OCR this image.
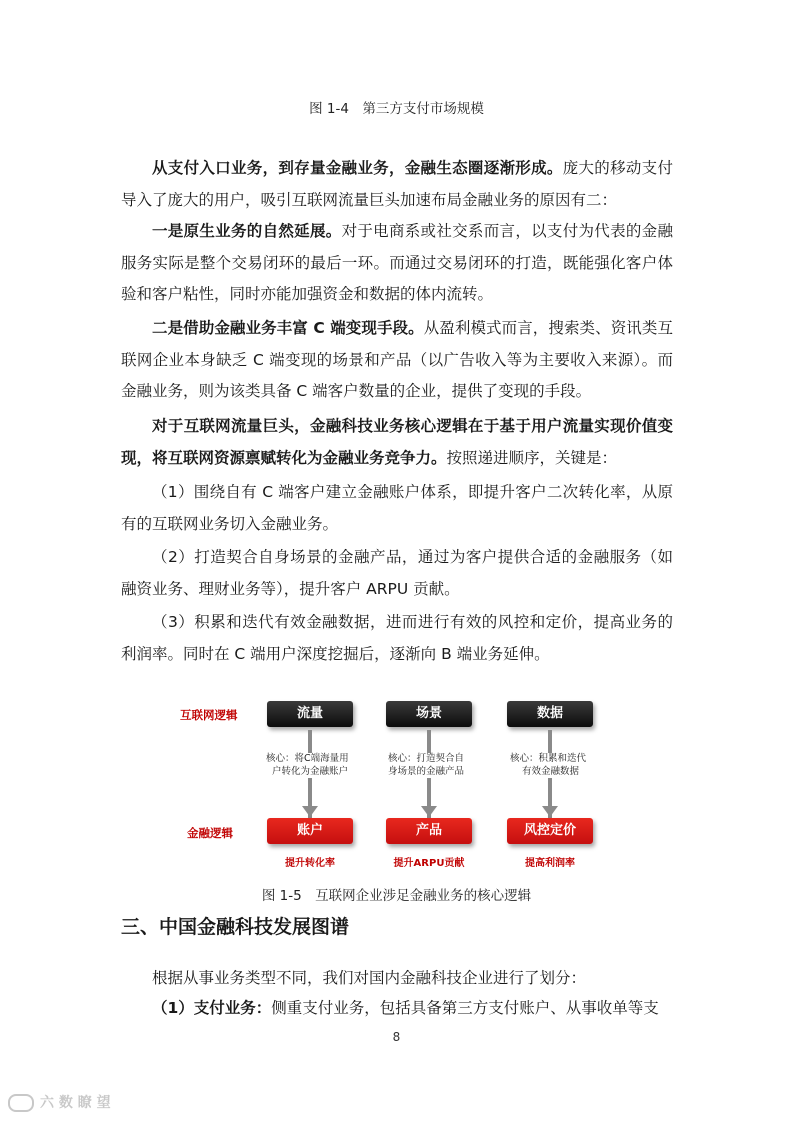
图 1-4　第三方支付市场规模
从支付入口业务，到存量金融业务，金融生态圈逐渐形成。庞大的移动支付导入了庞大的用户，吸引互联网流量巨头加速布局金融业务的原因有二：
一是原生业务的自然延展。对于电商系或社交系而言，以支付为代表的金融服务实际是整个交易闭环的最后一环。而通过交易闭环的打造，既能强化客户体验和客户粘性，同时亦能加强资金和数据的体内流转。
二是借助金融业务丰富 C 端变现手段。从盈利模式而言，搜索类、资讯类互联网企业本身缺乏 C 端变现的场景和产品（以广告收入等为主要收入来源）。而金融业务，则为该类具备 C 端客户数量的企业，提供了变现的手段。
对于互联网流量巨头，金融科技业务核心逻辑在于基于用户流量实现价值变现，将互联网资源禀赋转化为金融业务竞争力。按照递进顺序，关键是：
（1）围绕自有 C 端客户建立金融账户体系，即提升客户二次转化率，从原有的互联网业务切入金融业务。
（2）打造契合自身场景的金融产品，通过为客户提供合适的金融服务（如融资业务、理财业务等），提升客户 ARPU 贡献。
（3）积累和迭代有效金融数据，进而进行有效的风控和定价，提高业务的利润率。同时在 C 端用户深度挖掘后，逐渐向 B 端业务延伸。
互联网逻辑
金融逻辑
流量
核心：将C端海量用
户转化为金融账户
账户
提升转化率
场景
核心：打造契合自
身场景的金融产品
产品
提升ARPU贡献
数据
核心：积累和迭代
有效金融数据
风控定价
提高利润率
图 1-5　互联网企业涉足金融业务的核心逻辑
三、中国金融科技发展图谱
根据从事业务类型不同，我们对国内金融科技企业进行了划分：
（1）支付业务：侧重支付业务，包括具备第三方支付账户、从事收单等支
8
六 数 瞭 望
